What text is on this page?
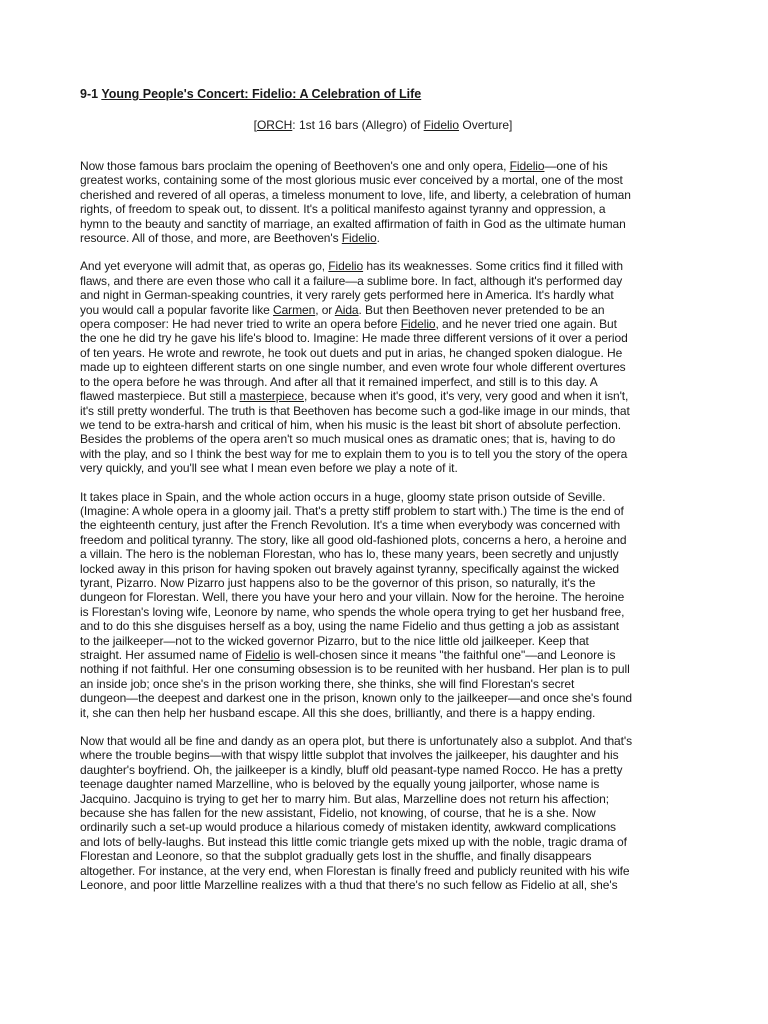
9-1 Young People's Concert: Fidelio: A Celebration of Life

[ORCH: 1st 16 bars (Allegro) of Fidelio Overture]

Now those famous bars proclaim the opening of Beethoven's one and only opera, Fidelio—one of his
greatest works, containing some of the most glorious music ever conceived by a mortal, one of the most
cherished and revered of all operas, a timeless monument to love, life, and liberty, a celebration of human
rights, of freedom to speak out, to dissent. It's a political manifesto against tyranny and oppression, a
hymn to the beauty and sanctity of marriage, an exalted affirmation of faith in God as the ultimate human
resource. All of those, and more, are Beethoven's Fidelio.

And yet everyone will admit that, as operas go, Fidelio has its weaknesses. Some critics find it filled with
flaws, and there are even those who call it a failure—a sublime bore. In fact, although it's performed day
and night in German-speaking countries, it very rarely gets performed here in America. It's hardly what
you would call a popular favorite like Carmen, or Aida. But then Beethoven never pretended to be an
opera composer: He had never tried to write an opera before Fidelio, and he never tried one again. But
the one he did try he gave his life's blood to. Imagine: He made three different versions of it over a period
of ten years. He wrote and rewrote, he took out duets and put in arias, he changed spoken dialogue. He
made up to eighteen different starts on one single number, and even wrote four whole different overtures
to the opera before he was through. And after all that it remained imperfect, and still is to this day. A
flawed masterpiece. But still a masterpiece, because when it's good, it's very, very good and when it isn't,
it's still pretty wonderful. The truth is that Beethoven has become such a god-like image in our minds, that
we tend to be extra-harsh and critical of him, when his music is the least bit short of absolute perfection.
Besides the problems of the opera aren't so much musical ones as dramatic ones; that is, having to do
with the play, and so I think the best way for me to explain them to you is to tell you the story of the opera
very quickly, and you'll see what I mean even before we play a note of it.

It takes place in Spain, and the whole action occurs in a huge, gloomy state prison outside of Seville.
(Imagine: A whole opera in a gloomy jail. That's a pretty stiff problem to start with.) The time is the end of
the eighteenth century, just after the French Revolution. It's a time when everybody was concerned with
freedom and political tyranny. The story, like all good old-fashioned plots, concerns a hero, a heroine and
a villain. The hero is the nobleman Florestan, who has lo, these many years, been secretly and unjustly
locked away in this prison for having spoken out bravely against tyranny, specifically against the wicked
tyrant, Pizarro. Now Pizarro just happens also to be the governor of this prison, so naturally, it's the
dungeon for Florestan. Well, there you have your hero and your villain. Now for the heroine. The heroine
is Florestan's loving wife, Leonore by name, who spends the whole opera trying to get her husband free,
and to do this she disguises herself as a boy, using the name Fidelio and thus getting a job as assistant
to the jailkeeper—not to the wicked governor Pizarro, but to the nice little old jailkeeper. Keep that
straight. Her assumed name of Fidelio is well-chosen since it means "the faithful one"—and Leonore is
nothing if not faithful. Her one consuming obsession is to be reunited with her husband. Her plan is to pull
an inside job; once she's in the prison working there, she thinks, she will find Florestan's secret
dungeon—the deepest and darkest one in the prison, known only to the jailkeeper—and once she's found
it, she can then help her husband escape. All this she does, brilliantly, and there is a happy ending.

Now that would all be fine and dandy as an opera plot, but there is unfortunately also a subplot. And that's
where the trouble begins—with that wispy little subplot that involves the jailkeeper, his daughter and his
daughter's boyfriend. Oh, the jailkeeper is a kindly, bluff old peasant-type named Rocco. He has a pretty
teenage daughter named Marzelline, who is beloved by the equally young jailporter, whose name is
Jacquino. Jacquino is trying to get her to marry him. But alas, Marzelline does not return his affection;
because she has fallen for the new assistant, Fidelio, not knowing, of course, that he is a she. Now
ordinarily such a set-up would produce a hilarious comedy of mistaken identity, awkward complications
and lots of belly-laughs. But instead this little comic triangle gets mixed up with the noble, tragic drama of
Florestan and Leonore, so that the subplot gradually gets lost in the shuffle, and finally disappears
altogether. For instance, at the very end, when Florestan is finally freed and publicly reunited with his wife
Leonore, and poor little Marzelline realizes with a thud that there's no such fellow as Fidelio at all, she's
